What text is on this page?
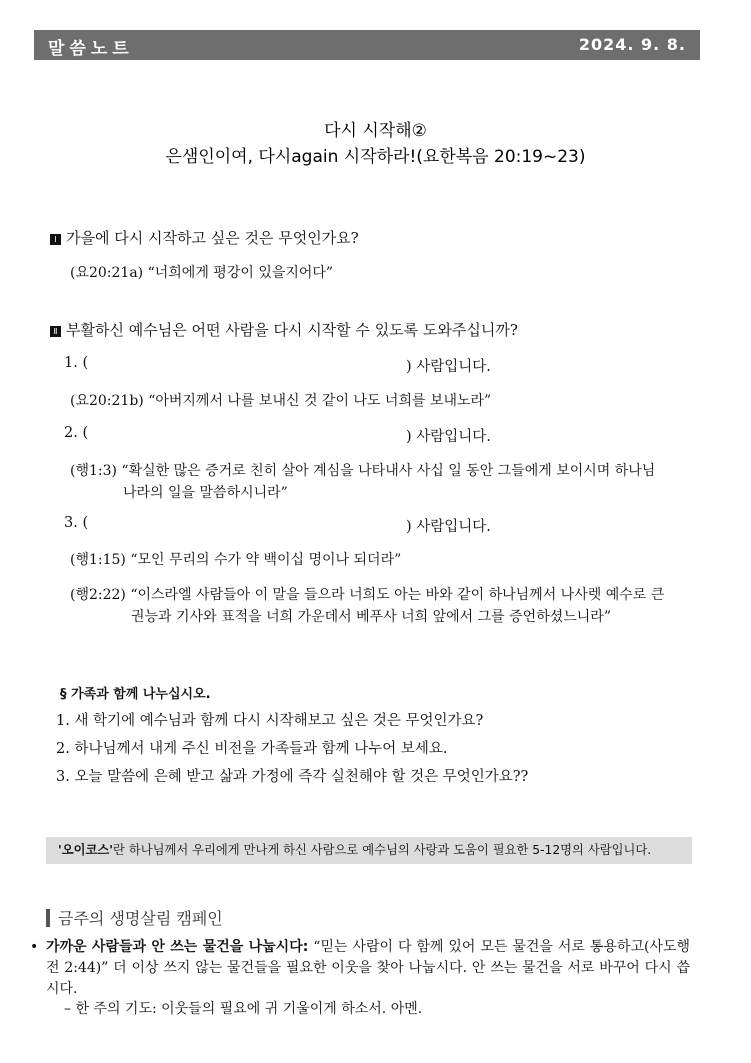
말씀노트	2024. 9. 8.
다시 시작해②
은샘인이여, 다시again 시작하라!(요한복음 20:19~23)
Ⅰ 가을에 다시 시작하고 싶은 것은 무엇인가요?
(요20:21a) “너희에게 평강이 있을지어다”
Ⅱ 부활하신 예수님은 어떤 사람을 다시 시작할 수 있도록 도와주십니까?
1. (	) 사람입니다.
(요20:21b) “아버지께서 나를 보내신 것 같이 나도 너희를 보내노라”
2. (	) 사람입니다.
(행1:3) “확실한 많은 증거로 친히 살아 계심을 나타내사 사십 일 동안 그들에게 보이시며 하나님
나라의 일을 말씀하시니라”
3. (	) 사람입니다.
(행1:15) “모인 무리의 수가 약 백이십 명이나 되더라”
(행2:22) “이스라엘 사람들아 이 말을 들으라 너희도 아는 바와 같이 하나님께서 나사렛 예수로 큰
권능과 기사와 표적을 너희 가운데서 베푸사 너희 앞에서 그를 증언하셨느니라”
§ 가족과 함께 나누십시오.
1. 새 학기에 예수님과 함께 다시 시작해보고 싶은 것은 무엇인가요?
2. 하나님께서 내게 주신 비전을 가족들과 함께 나누어 보세요.
3. 오늘 말씀에 은혜 받고 삶과 가정에 즉각 실천해야 할 것은 무엇인가요??
'오이코스'란 하나님께서 우리에게 만나게 하신 사람으로 예수님의 사랑과 도움이 필요한 5-12명의 사람입니다.
금주의 생명살림 캠페인
• 가까운 사람들과 안 쓰는 물건을 나눕시다: “믿는 사람이 다 함께 있어 모든 물건을 서로 통용하고(사도행전 2:44)” 더 이상 쓰지 않는 물건들을 필요한 이웃을 찾아 나눕시다. 안 쓰는 물건을 서로 바꾸어 다시 씁시다.
– 한 주의 기도: 이웃들의 필요에 귀 기울이게 하소서. 아멘.
